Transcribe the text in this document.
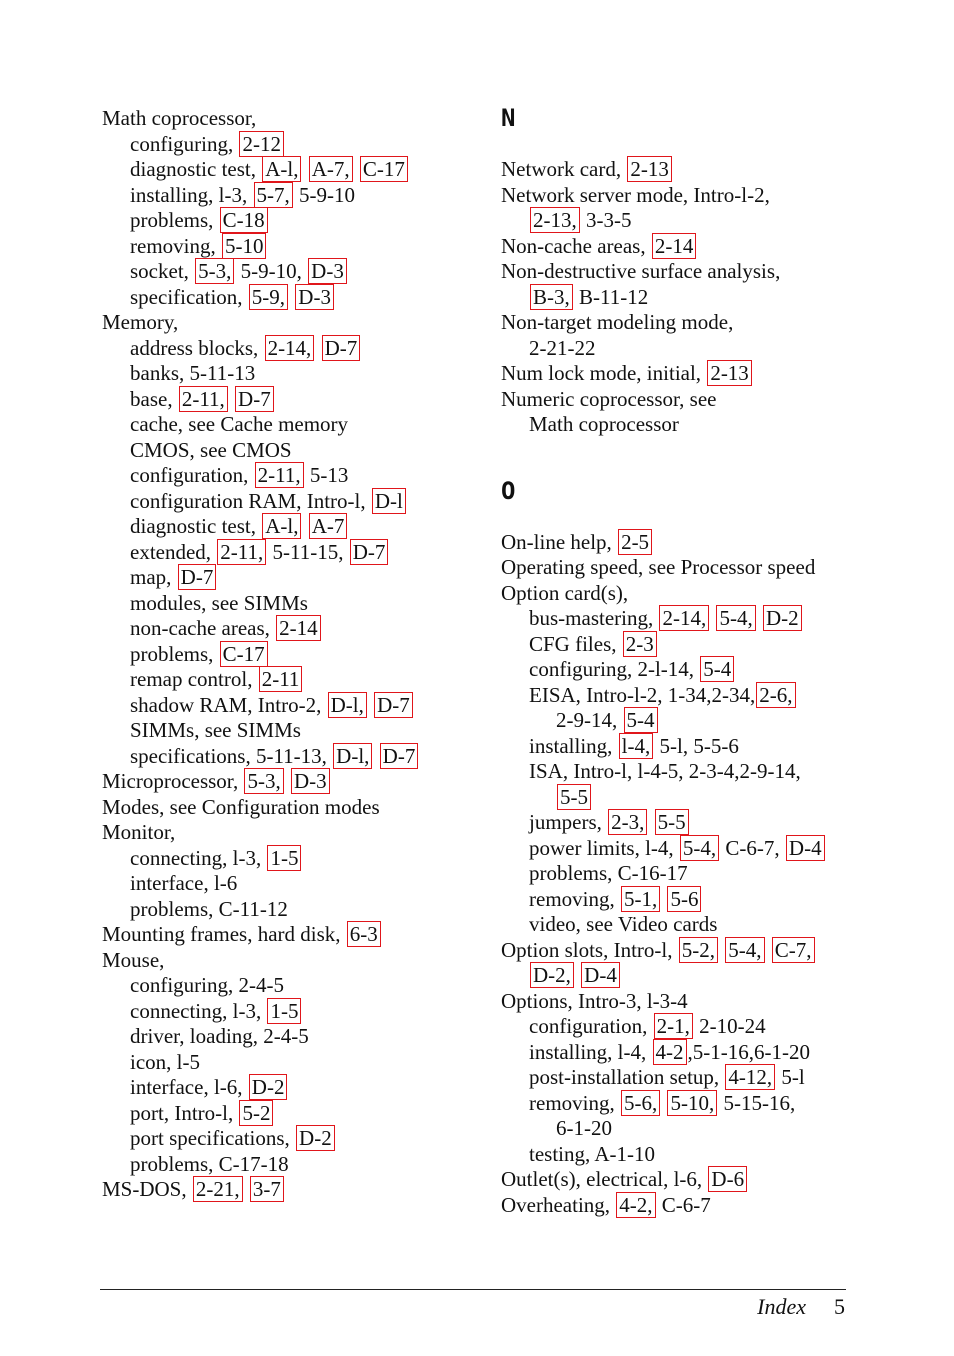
Math coprocessor,
configuring, 2-12
diagnostic test, A-l, A-7, C-17
installing, l-3, 5-7, 5-9-10
problems, C-18
removing, 5-10
socket, 5-3, 5-9-10, D-3
specification, 5-9, D-3
Memory,
address blocks, 2-14, D-7
banks, 5-11-13
base, 2-11, D-7
cache, see Cache memory
CMOS, see CMOS
configuration, 2-11, 5-13
configuration RAM, Intro-l, D-l
diagnostic test, A-l, A-7
extended, 2-11, 5-11-15, D-7
map, D-7
modules, see SIMMs
non-cache areas, 2-14
problems, C-17
remap control, 2-11
shadow RAM, Intro-2, D-l, D-7
SIMMs, see SIMMs
specifications, 5-11-13, D-l, D-7
Microprocessor, 5-3, D-3
Modes, see Configuration modes
Monitor,
connecting, l-3, 1-5
interface, l-6
problems, C-11-12
Mounting frames, hard disk, 6-3
Mouse,
configuring, 2-4-5
connecting, l-3, 1-5
driver, loading, 2-4-5
icon, l-5
interface, l-6, D-2
port, Intro-l, 5-2
port specifications, D-2
problems, C-17-18
MS-DOS, 2-21, 3-7
N
Network card, 2-13
Network server mode, Intro-l-2,
2-13, 3-3-5
Non-cache areas, 2-14
Non-destructive surface analysis,
B-3, B-11-12
Non-target modeling mode,
2-21-22
Num lock mode, initial, 2-13
Numeric coprocessor, see
Math coprocessor
O
On-line help, 2-5
Operating speed, see Processor speed
Option card(s),
bus-mastering, 2-14, 5-4, D-2
CFG files, 2-3
configuring, 2-l-14, 5-4
EISA, Intro-l-2, 1-34,2-34, 2-6,
2-9-14, 5-4
installing, l-4, 5-l, 5-5-6
ISA, Intro-l, l-4-5, 2-3-4,2-9-14,
5-5
jumpers, 2-3, 5-5
power limits, l-4, 5-4, C-6-7, D-4
problems, C-16-17
removing, 5-1, 5-6
video, see Video cards
Option slots, Intro-l, 5-2, 5-4, C-7,
D-2, D-4
Options, Intro-3, l-3-4
configuration, 2-1, 2-10-24
installing, l-4, 4-2 ,5-1-16,6-1-20
post-installation setup, 4-12, 5-l
removing, 5-6, 5-10, 5-15-16,
6-1-20
testing, A-1-10
Outlet(s), electrical, l-6, D-6
Overheating, 4-2, C-6-7
Index 5
